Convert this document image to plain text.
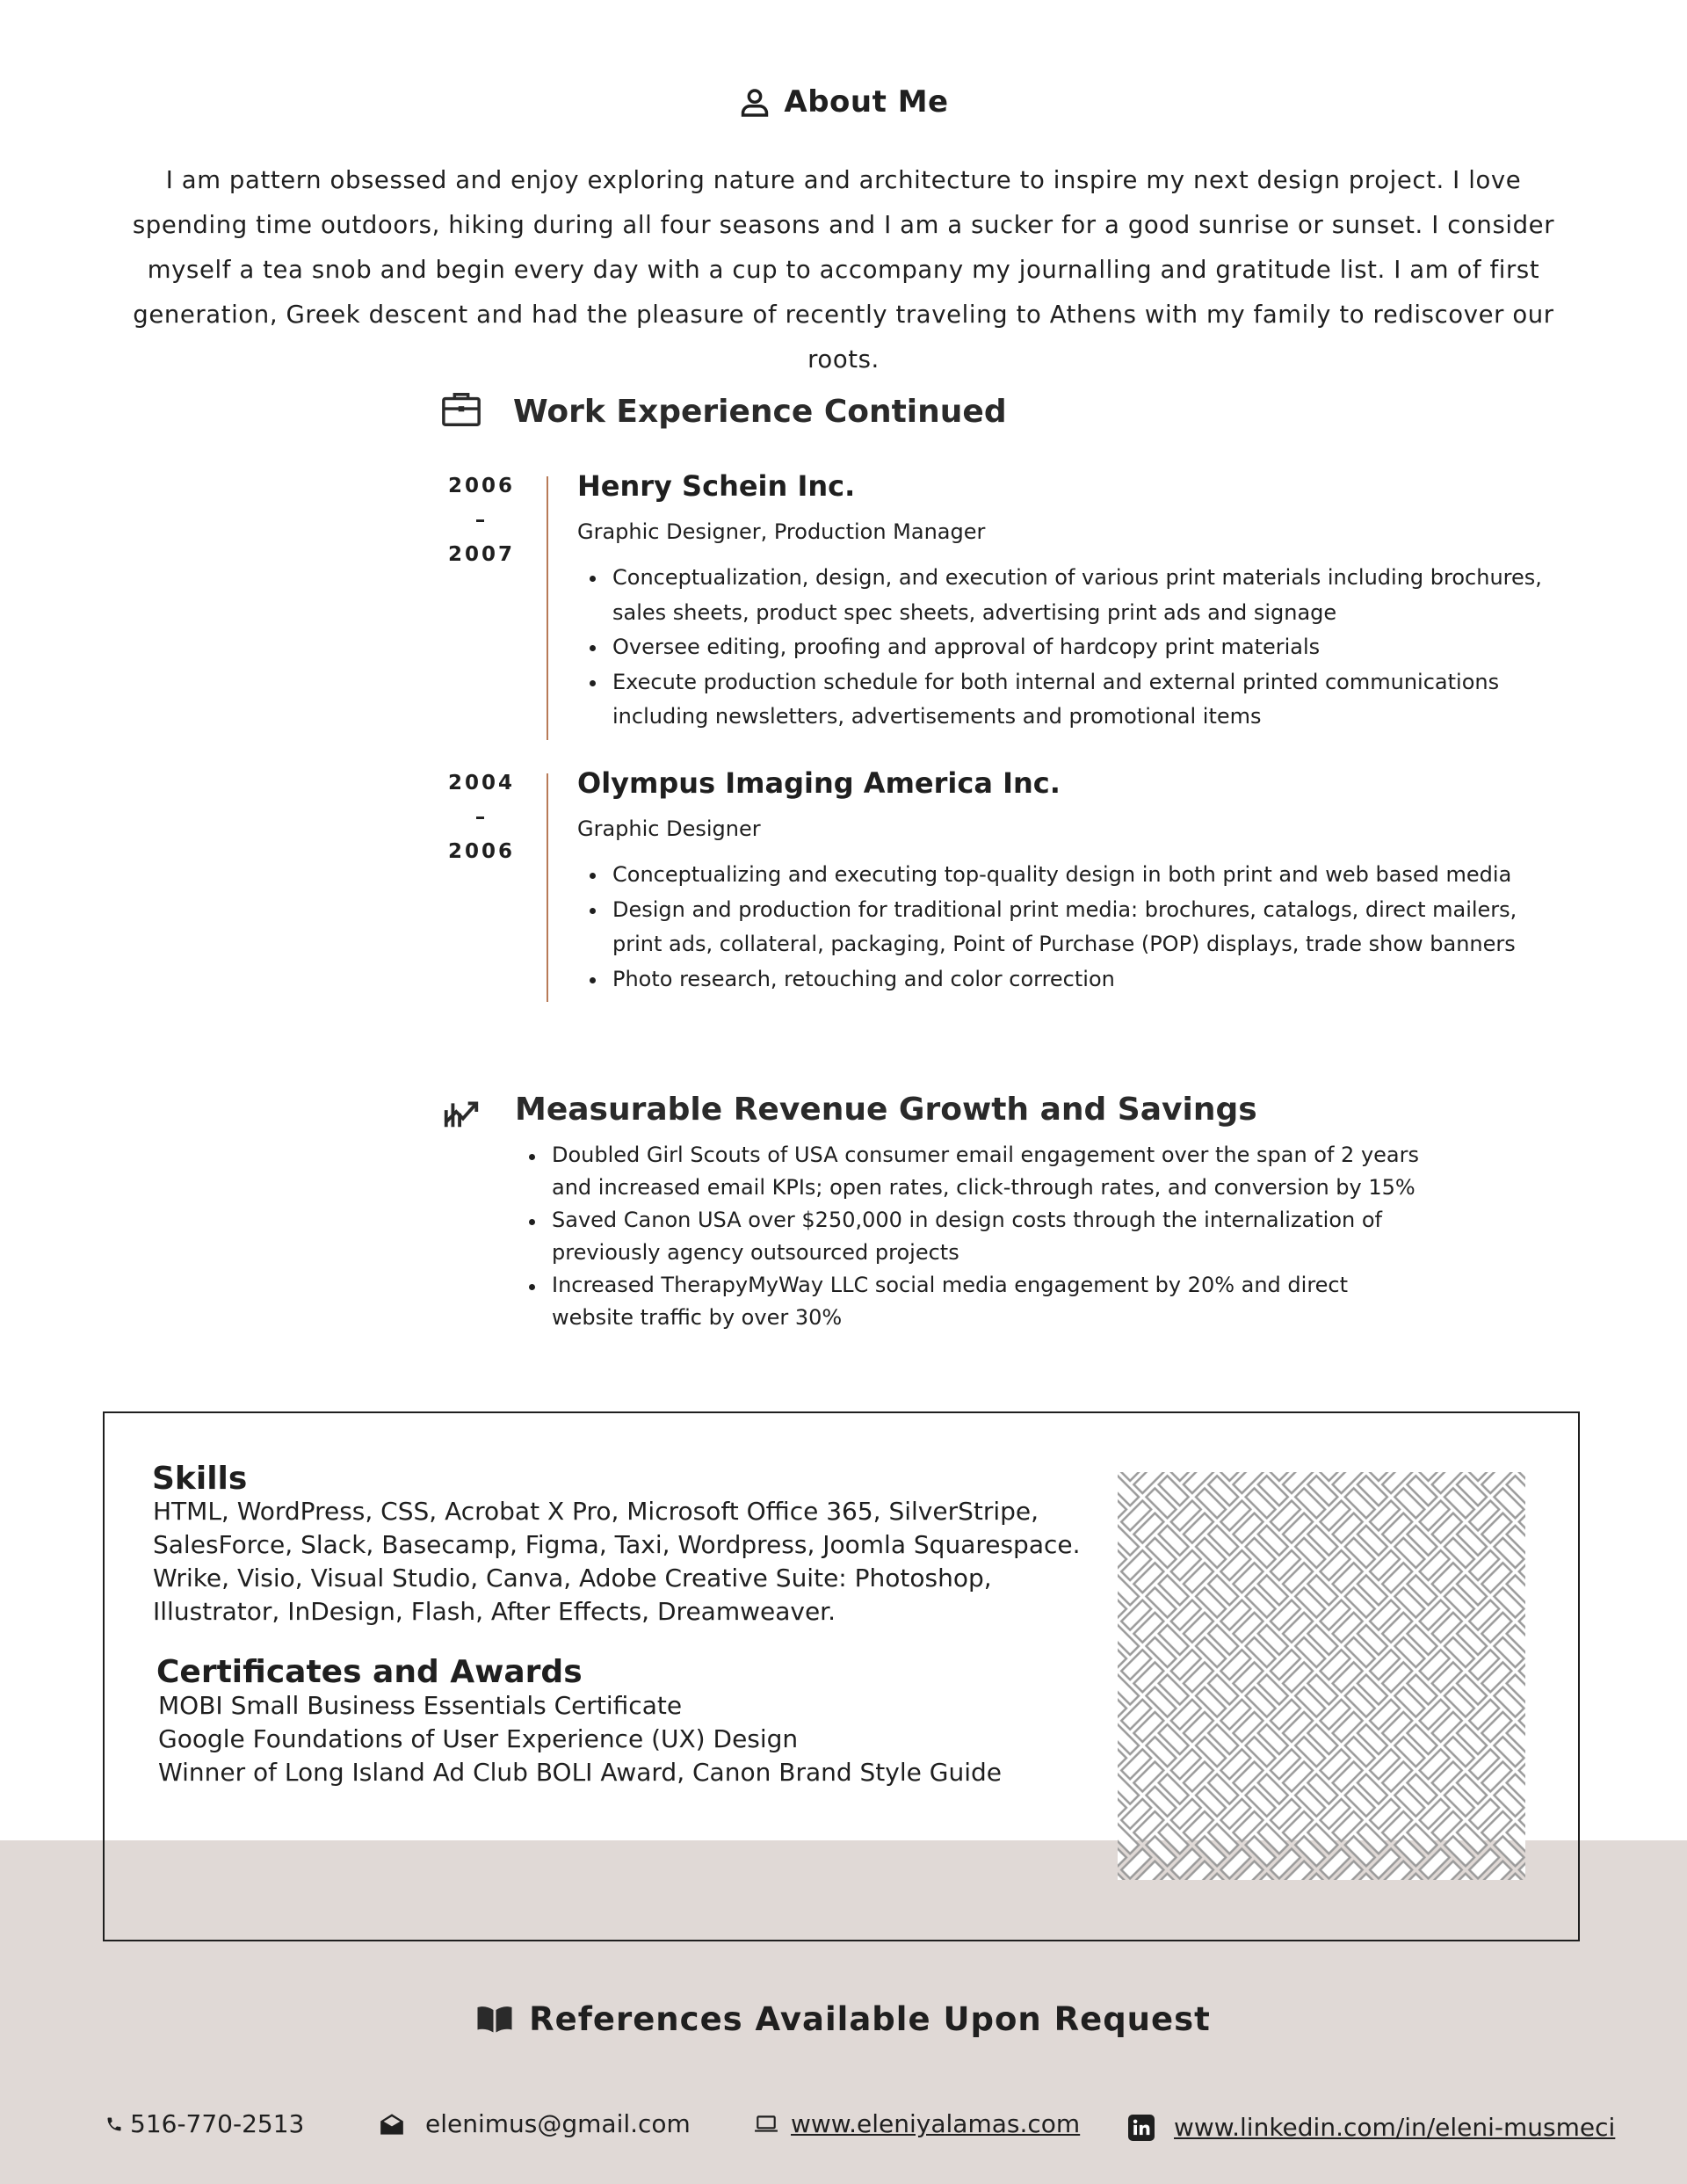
About Me

I am pattern obsessed and enjoy exploring nature and architecture to inspire my next design project. I love spending time outdoors, hiking during all four seasons and I am a sucker for a good sunrise or sunset. I consider myself a tea snob and begin every day with a cup to accompany my journalling and gratitude list. I am of first generation, Greek descent and had the pleasure of recently traveling to Athens with my family to rediscover our roots.

Work Experience Continued
2006
–
2007
Henry Schein Inc.
Graphic Designer, Production Manager
Conceptualization, design, and execution of various print materials including brochures, sales sheets, product spec sheets, advertising print ads and signage
Oversee editing, proofing and approval of hardcopy print materials
Execute production schedule for both internal and external printed communications including newsletters, advertisements and promotional items
2004
–
2006
Olympus Imaging America Inc.
Graphic Designer
Conceptualizing and executing top-quality design in both print and web based media
Design and production for traditional print media: brochures, catalogs, direct mailers, print ads, collateral, packaging, Point of Purchase (POP) displays, trade show banners
Photo research, retouching and color correction
Measurable Revenue Growth and Savings
Doubled Girl Scouts of USA consumer email engagement over the span of 2 years and increased email KPIs; open rates, click-through rates, and conversion by 15%
Saved Canon USA over $250,000 in design costs through the internalization of previously agency outsourced projects
Increased TherapyMyWay LLC social media engagement by 20% and direct website traffic by over 30%
Skills
HTML, WordPress, CSS, Acrobat X Pro, Microsoft Office 365, SilverStripe, SalesForce, Slack, Basecamp, Figma, Taxi, Wordpress, Joomla Squarespace. Wrike, Visio, Visual Studio, Canva, Adobe Creative Suite: Photoshop, Illustrator, InDesign, Flash, After Effects, Dreamweaver.
Certificates and Awards
MOBI Small Business Essentials Certificate
Google Foundations of User Experience (UX) Design
Winner of Long Island Ad Club BOLI Award, Canon Brand Style Guide
References Available Upon Request
516-770-2513	elenimus@gmail.com	www.eleniyalamas.com	www.linkedin.com/in/eleni-musmeci
